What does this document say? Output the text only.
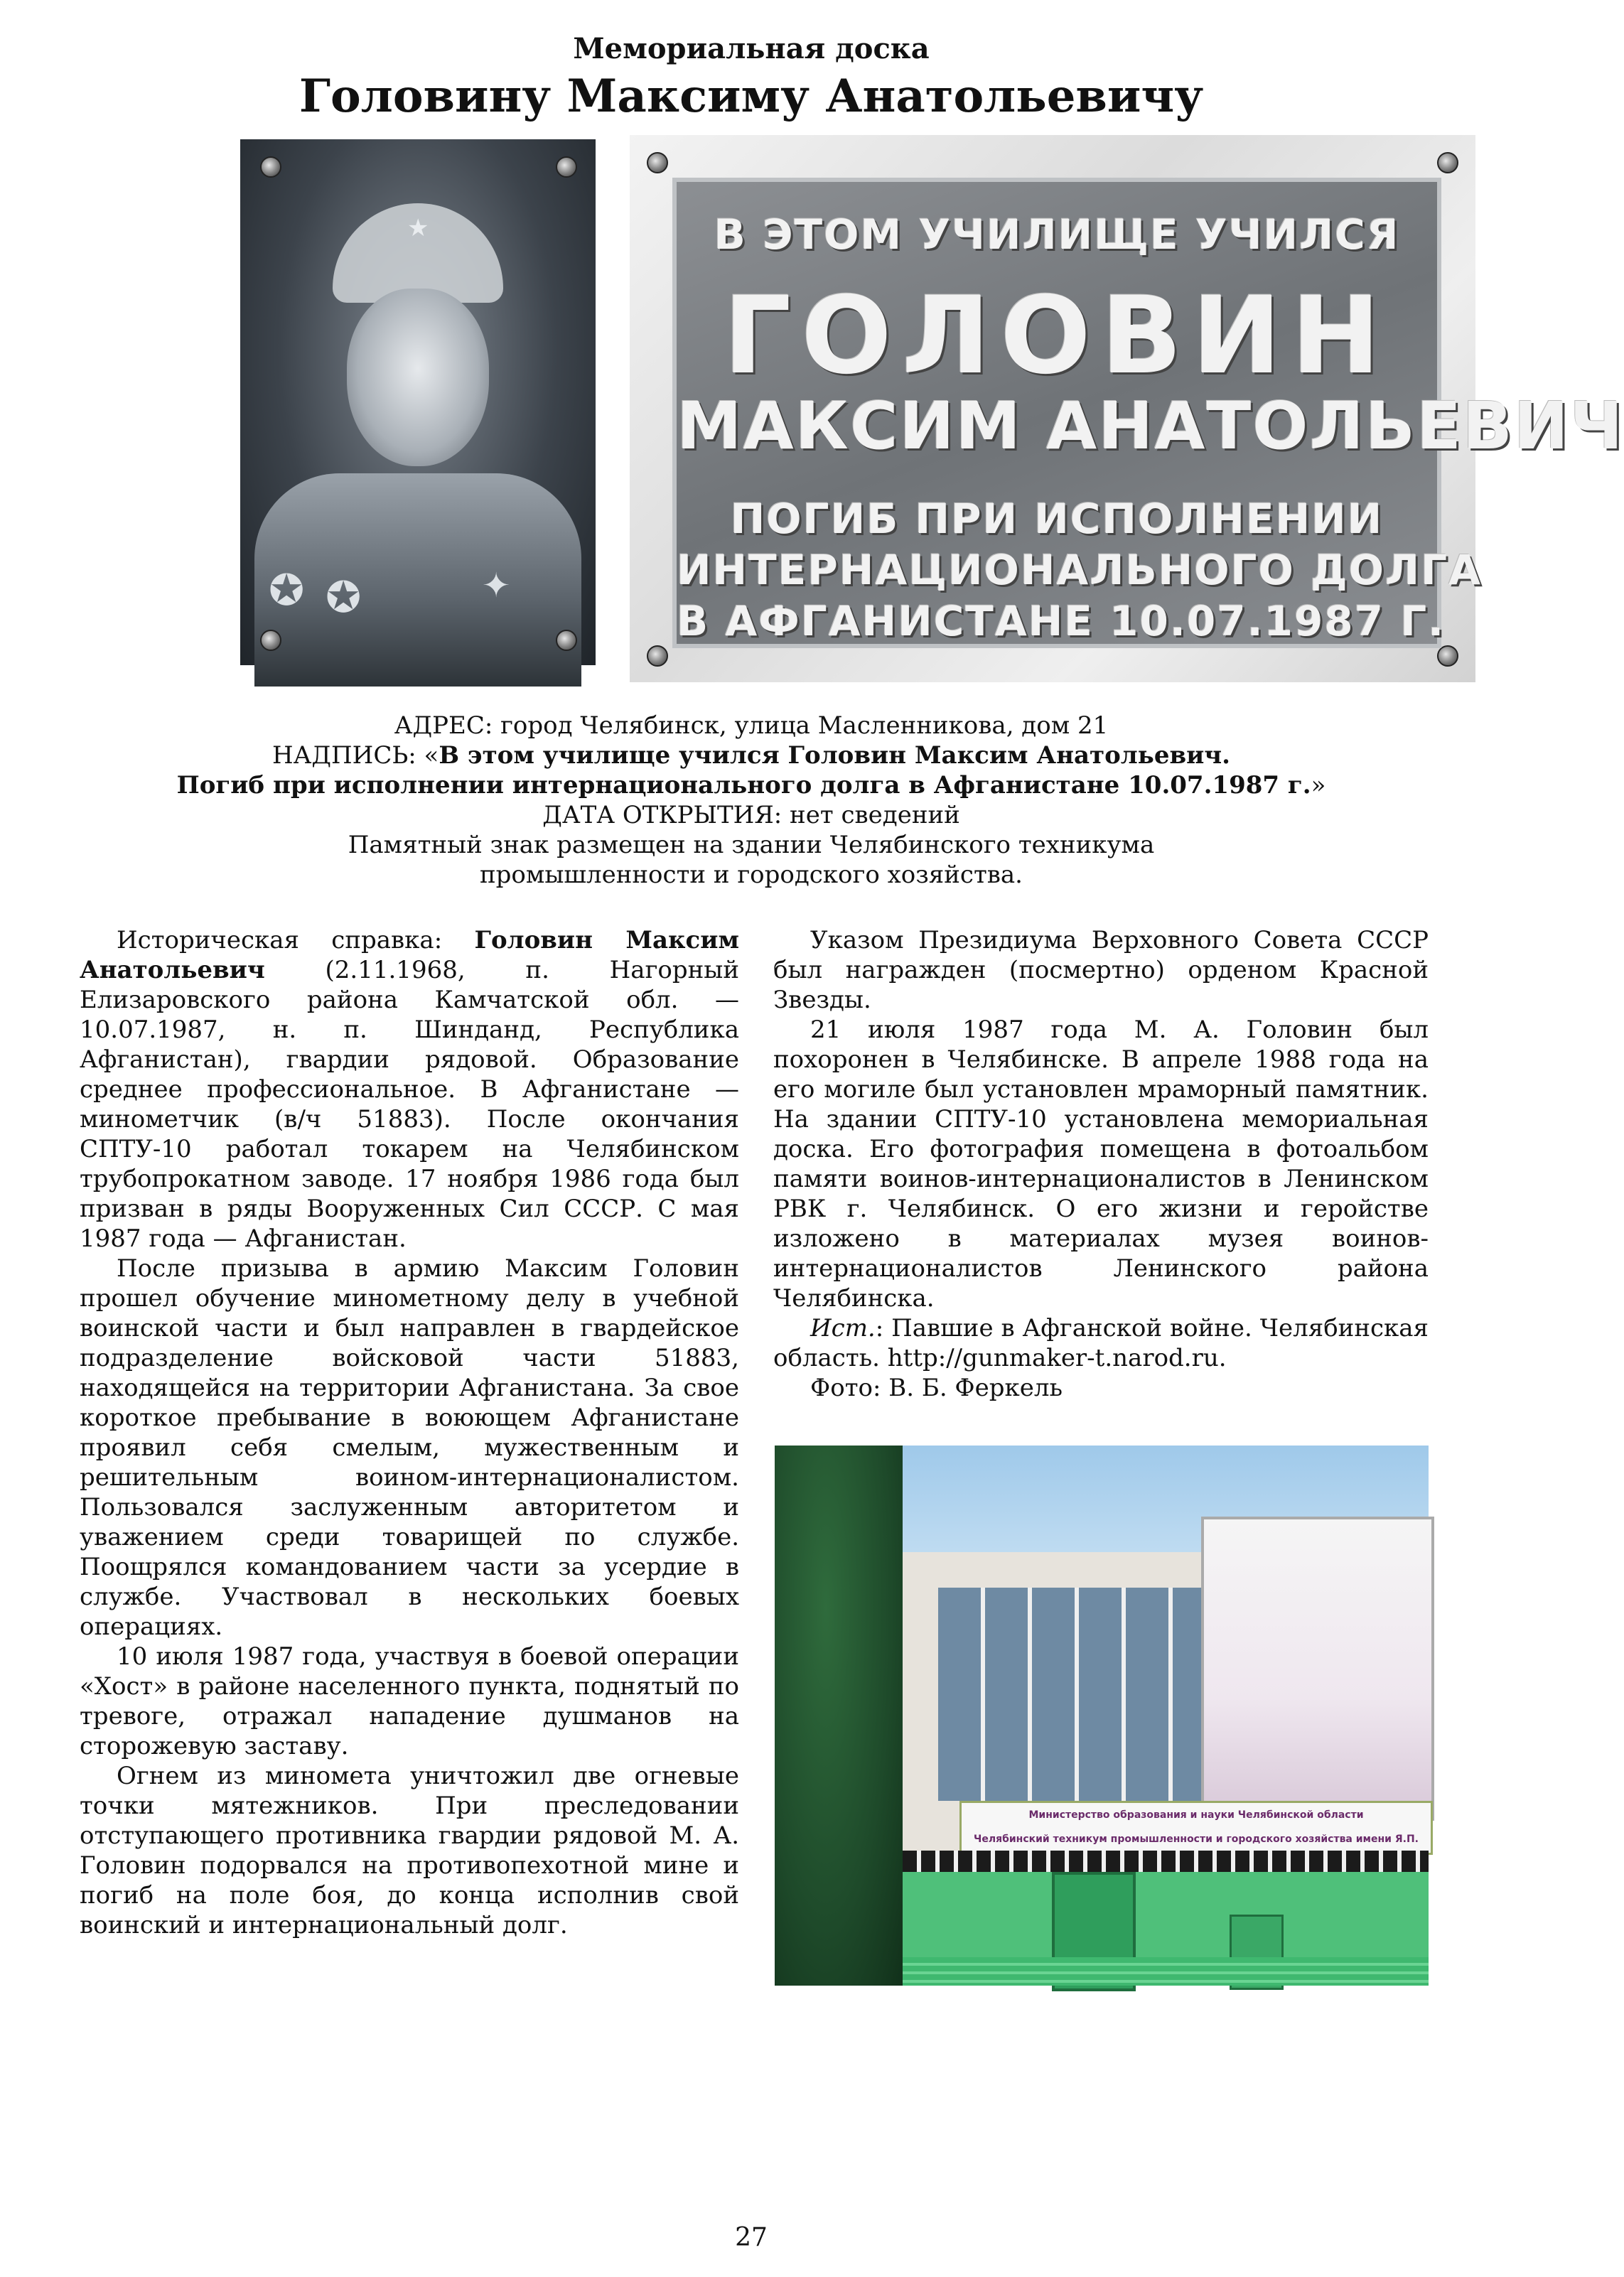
Мемориальная доска
Головину Максиму Анатольевичу
★
✪ ✪	✦
В ЭТОМ УЧИЛИЩЕ УЧИЛСЯ
ГОЛОВИН
МАКСИМ АНАТОЛЬЕВИЧ
ПОГИБ ПРИ ИСПОЛНЕНИИ
ИНТЕРНАЦИОНАЛЬНОГО ДОЛГА
В АФГАНИСТАНЕ 10.07.1987 Г.
АДРЕС: город Челябинск, улица Масленникова, дом 21
НАДПИСЬ: «В этом училище учился Головин Максим Анатольевич.
Погиб при исполнении интернационального долга в Афганистане 10.07.1987 г.»
ДАТА ОТКРЫТИЯ: нет сведений
Памятный знак размещен на здании Челябинского техникума
промышленности и городского хозяйства.

Историческая справка: Головин Максим Анатольевич (2.11.1968, п. Нагорный Елизаровского района Камчатской обл. — 10.07.1987, н. п. Шинданд, Республика Афганистан), гвардии рядовой. Образование среднее профессиональное. В Афганистане — минометчик (в/ч 51883). После окончания СПТУ-10 работал токарем на Челябинском трубопрокатном заводе. 17 ноября 1986 года был призван в ряды Вооруженных Сил СССР. С мая 1987 года — Афганистан.

После призыва в армию Максим Головин прошел обучение минометному делу в учебной воинской части и был направлен в гвардейское подразделение войсковой части 51883, находящейся на территории Афганистана. За свое короткое пребывание в воюющем Афганистане проявил себя смелым, мужественным и решительным воином-интернационалистом. Пользовался заслуженным авторитетом и уважением среди товарищей по службе. Поощрялся командованием части за усердие в службе. Участвовал в нескольких боевых операциях.

10 июля 1987 года, участвуя в боевой операции «Хост» в районе населенного пункта, поднятый по тревоге, отражал нападение душманов на сторожевую заставу.

Огнем из миномета уничтожил две огневые точки мятежников. При преследовании отступающего противника гвардии рядовой М. А. Головин подорвался на противопехотной мине и погиб на поле боя, до конца исполнив свой воинский и интернациональный долг.

Указом Президиума Верховного Совета СССР был награжден (посмертно) орденом Красной Звезды.

21 июля 1987 года М. А. Головин был похоронен в Челябинске. В апреле 1988 года на его могиле был установлен мраморный памятник. На здании СПТУ-10 установлена мемориальная доска. Его фотография помещена в фотоальбом памяти воинов-интернационалистов в Ленинском РВК г. Челябинск. О его жизни и геройстве изложено в материалах музея воинов-интернационалистов Ленинского района Челябинска.

Ист.: Павшие в Афганской войне. Челябинская область. http://gunmaker-t.narod.ru.

Фото: В. Б. Феркель

Министерство образования и науки Челябинской области
Челябинский техникум промышленности и городского хозяйства имени Я.П.
27
